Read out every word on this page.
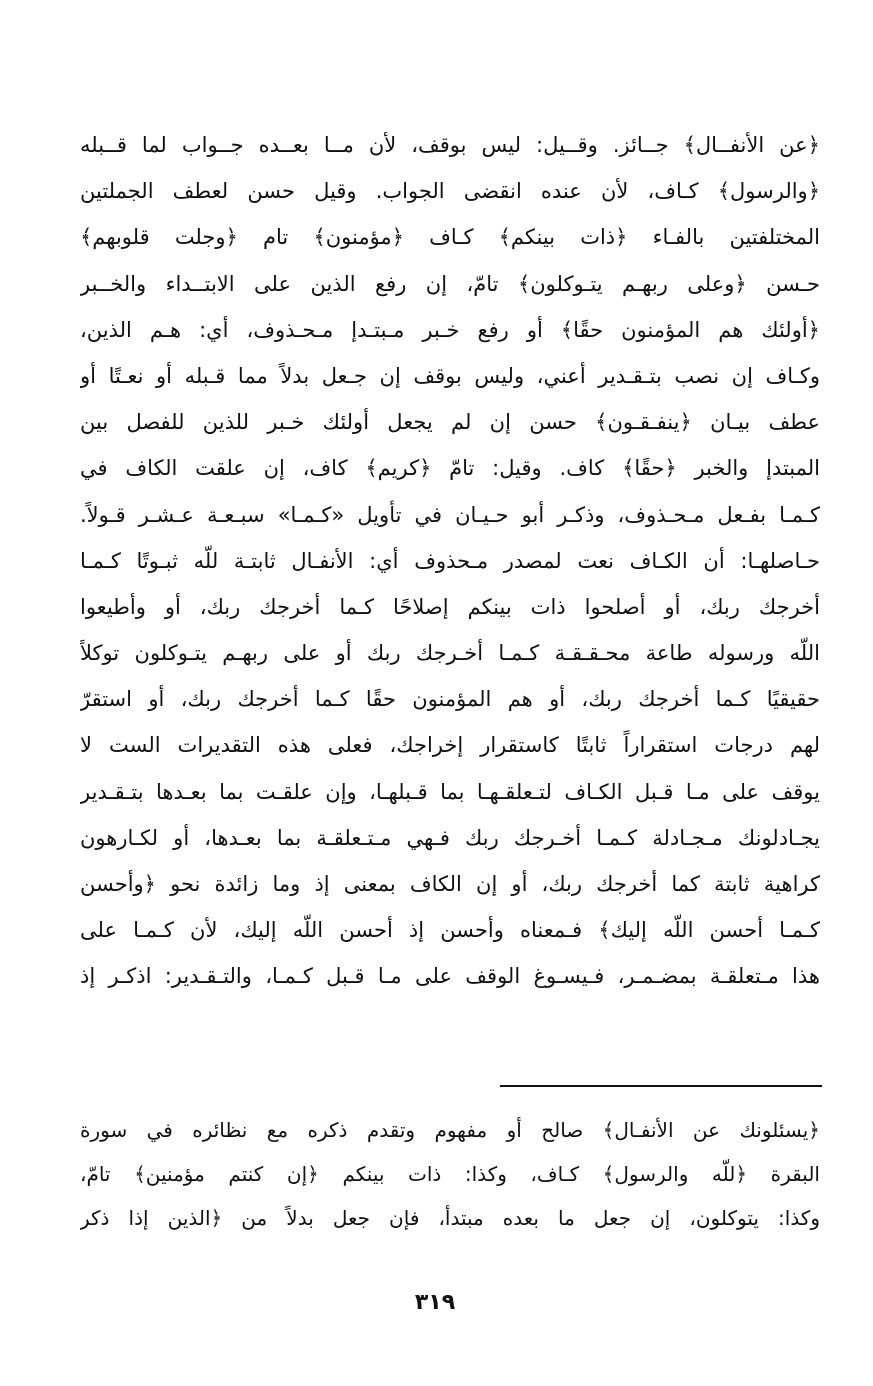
﴿عن الأنفــال﴾ جــائز. وقــيل: ليس بوقف، لأن مــا بعــده جــواب لما قــبله
﴿والرسول﴾ كـاف، لأن عنده انقضى الجواب. وقيل حسن لعطف الجملتين
المختلفتين بالفـاء ﴿ذات بينكم﴾ كـاف ﴿مؤمنون﴾ تام ﴿وجلت قلوبهم﴾
حـسن ﴿وعلى ربهـم يتـوكلون﴾ تامّ، إن رفع الذين على الابتــداء والخــبر
﴿أولئك هم المؤمنون حقًا﴾ أو رفع خـبر مـبتـدإ مـحـذوف، أي: هـم الذين،
وكـاف إن نصب بتـقـدير أعني، وليس بوقف إن جـعل بدلاً مما قـبله أو نعـتًا أو
عطف بيـان ﴿ينفـقـون﴾ حسن إن لم يجعل أولئك خـبر للذين للفصل بين
المبتدإ والخبر ﴿حقًا﴾ كاف. وقيل: تامّ ﴿كريم﴾ كاف، إن علقت الكاف في
كـمـا بفـعل مـحـذوف، وذكـر أبو حـيـان في تأويل «كـمـا» سبـعـة عـشـر قـولاً.
حـاصلهـا: أن الكـاف نعت لمصدر مـحذوف أي: الأنفـال ثابتـة للّه ثبـوتًا كـمـا
أخرجك ربك، أو أصلحوا ذات بينكم إصلاحًا كـما أخرجك ربك، أو وأطيعوا
اللّه ورسوله طاعة محـقـقـة كـمـا أخـرجك ربك أو على ربهـم يتـوكلون توكلاً
حقيقيًا كـما أخرجك ربك، أو هم المؤمنون حقًا كـما أخرجك ربك، أو استقرّ
لهم درجات استقراراً ثابتًا كاستقرار إخراجك، فعلى هذه التقديرات الست لا
يوقف على مـا قـبل الكـاف لتـعلقـهـا بما قـبلهـا، وإن علقـت بما بعـدها بتـقـدير
يجـادلونك مـجـادلة كـمـا أخـرجك ربك فـهي مـتـعلقـة بما بعـدها، أو لكـارهون
كراهية ثابتة كما أخرجك ربك، أو إن الكاف بمعنى إذ وما زائدة نحو ﴿وأحسن
كـمـا أحسن اللّه إليك﴾ فـمعناه وأحسن إذ أحسن اللّه إليك، لأن كـمـا على
هذا مـتعلقـة بمضـمـر، فـيسـوغ الوقف على مـا قـبل كـمـا، والتـقـدير: اذكـر إذ
﴿يسئلونك عن الأنفـال﴾ صالح أو مفهوم وتقدم ذكره مع نظائره في سورة
البقرة ﴿للّه والرسول﴾ كـاف، وكذا: ذات بينكم ﴿إن كنتم مؤمنين﴾ تامّ،
وكذا: يتوكلون، إن جعل ما بعده مبتدأ، فإن جعل بدلاً من ﴿الذين إذا ذكر
٣١٩
